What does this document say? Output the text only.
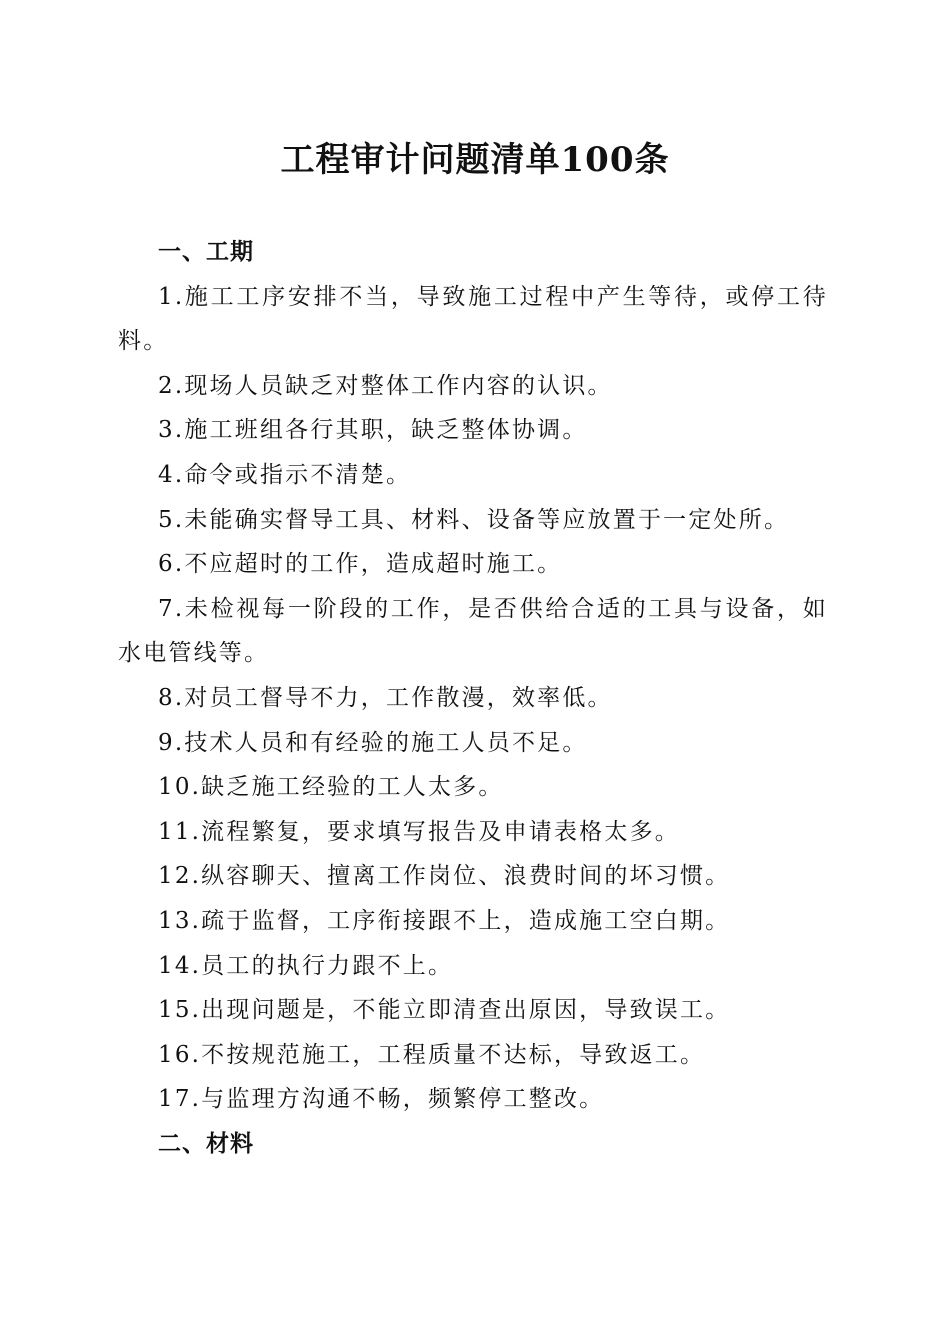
工程审计问题清单100条

一、工期

1.施工工序安排不当，导致施工过程中产生等待，或停工待料。

2.现场人员缺乏对整体工作内容的认识。

3.施工班组各行其职，缺乏整体协调。

4.命令或指示不清楚。

5.未能确实督导工具、材料、设备等应放置于一定处所。

6.不应超时的工作，造成超时施工。

7.未检视每一阶段的工作，是否供给合适的工具与设备，如水电管线等。

8.对员工督导不力，工作散漫，效率低。

9.技术人员和有经验的施工人员不足。

10.缺乏施工经验的工人太多。

11.流程繁复，要求填写报告及申请表格太多。

12.纵容聊天、擅离工作岗位、浪费时间的坏习惯。

13.疏于监督，工序衔接跟不上，造成施工空白期。

14.员工的执行力跟不上。

15.出现问题是，不能立即清查出原因，导致误工。

16.不按规范施工，工程质量不达标，导致返工。

17.与监理方沟通不畅，频繁停工整改。

二、材料
